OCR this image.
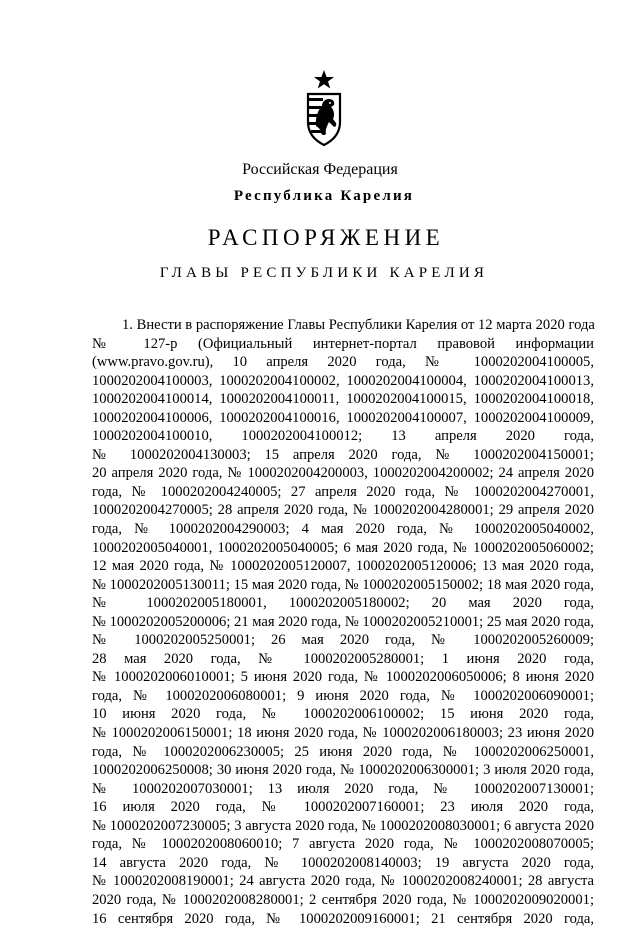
Российская Федерация
Республика Карелия
РАСПОРЯЖЕНИЕ
ГЛАВЫ РЕСПУБЛИКИ КАРЕЛИЯ
1. Внести в распоряжение Главы Республики Карелия от 12 марта 2020 года
№ 127-р (Официальный интернет-портал правовой информации
(www.pravo.gov.ru), 10 апреля 2020 года, № 1000202004100005,
1000202004100003, 1000202004100002, 1000202004100004, 1000202004100013,
1000202004100014, 1000202004100011, 1000202004100015, 1000202004100018,
1000202004100006, 1000202004100016, 1000202004100007, 1000202004100009,
1000202004100010, 1000202004100012; 13 апреля 2020 года,
№ 1000202004130003; 15 апреля 2020 года, № 1000202004150001;
20 апреля 2020 года, № 1000202004200003, 1000202004200002; 24 апреля 2020
года, № 1000202004240005; 27 апреля 2020 года, № 1000202004270001,
1000202004270005; 28 апреля 2020 года, № 1000202004280001; 29 апреля 2020
года, № 1000202004290003; 4 мая 2020 года, № 1000202005040002,
1000202005040001, 1000202005040005; 6 мая 2020 года, № 1000202005060002;
12 мая 2020 года, № 1000202005120007, 1000202005120006; 13 мая 2020 года,
№ 1000202005130011; 15 мая 2020 года, № 1000202005150002; 18 мая 2020 года,
№ 1000202005180001, 1000202005180002; 20 мая 2020 года,
№ 1000202005200006; 21 мая 2020 года, № 1000202005210001; 25 мая 2020 года,
№ 1000202005250001; 26 мая 2020 года, № 1000202005260009;
28 мая 2020 года, № 1000202005280001; 1 июня 2020 года,
№ 1000202006010001; 5 июня 2020 года, № 1000202006050006; 8 июня 2020
года, № 1000202006080001; 9 июня 2020 года, № 1000202006090001;
10 июня 2020 года, № 1000202006100002; 15 июня 2020 года,
№ 1000202006150001; 18 июня 2020 года, № 1000202006180003; 23 июня 2020
года, № 1000202006230005; 25 июня 2020 года, № 1000202006250001,
1000202006250008; 30 июня 2020 года, № 1000202006300001; 3 июля 2020 года,
№ 1000202007030001; 13 июля 2020 года, № 1000202007130001;
16 июля 2020 года, № 1000202007160001; 23 июля 2020 года,
№ 1000202007230005; 3 августа 2020 года, № 1000202008030001; 6 августа 2020
года, № 1000202008060010; 7 августа 2020 года, № 1000202008070005;
14 августа 2020 года, № 1000202008140003; 19 августа 2020 года,
№ 1000202008190001; 24 августа 2020 года, № 1000202008240001; 28 августа
2020 года, № 1000202008280001; 2 сентября 2020 года, № 1000202009020001;
16 сентября 2020 года, № 1000202009160001; 21 сентября 2020 года,
